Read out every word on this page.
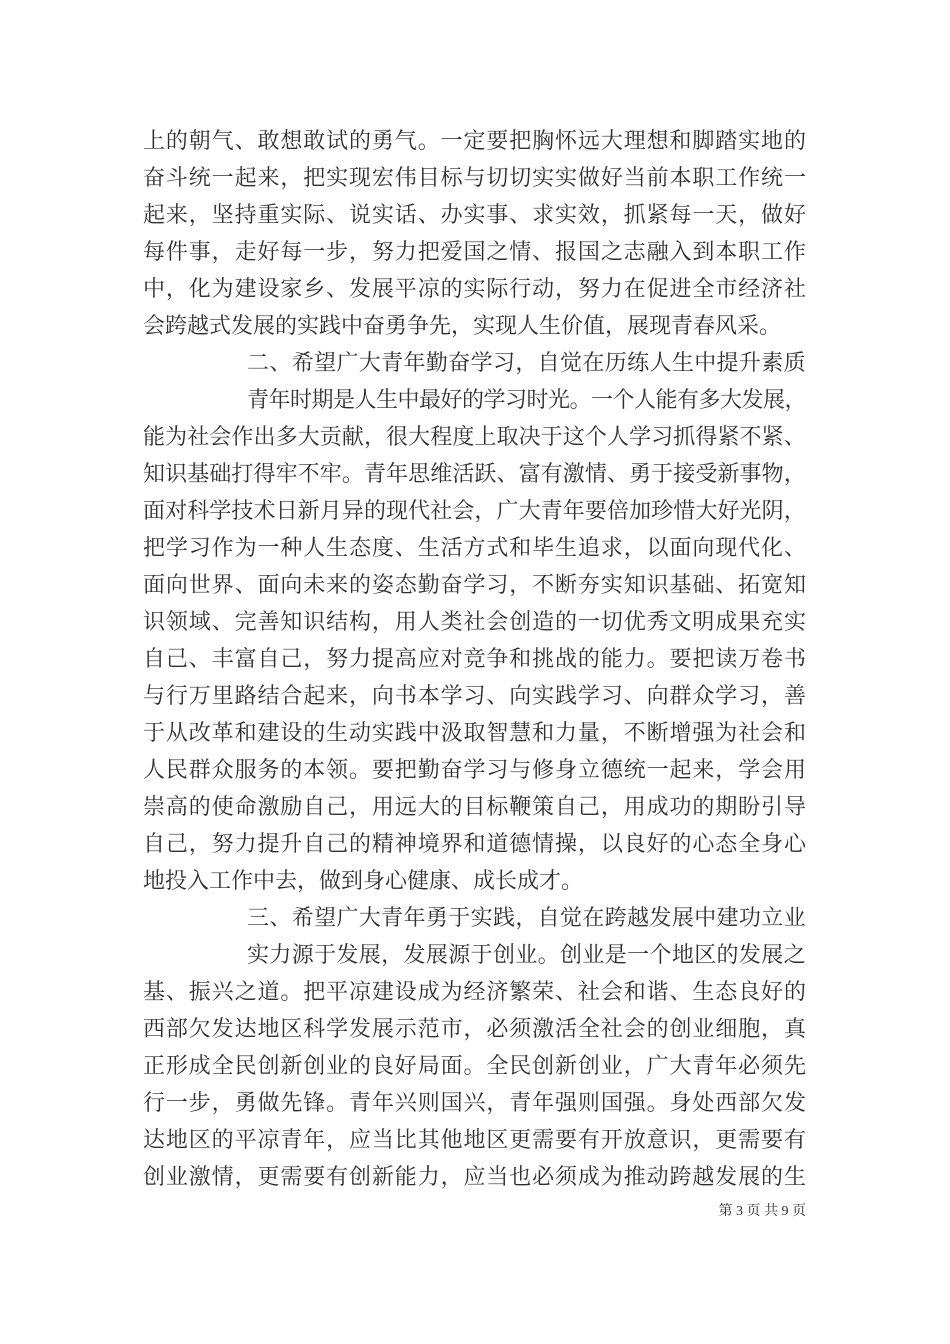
上 的 朝 气 、 敢 想 敢 试 的 勇 气 。 一 定 要 把 胸 怀 远 大 理 想 和 脚 踏 实 地 的
奋 斗 统 一 起 来 ， 把 实 现 宏 伟 目 标 与 切 切 实 实 做 好 当 前 本 职 工 作 统 一
起 来 ， 坚 持 重 实 际 、 说 实 话 、 办 实 事 、 求 实 效 ， 抓 紧 每 一 天 ， 做 好
每 件 事 ， 走 好 每 一 步 ， 努 力 把 爱 国 之 情 、 报 国 之 志 融 入 到 本 职 工 作
中 ， 化 为 建 设 家 乡 、 发 展 平 凉 的 实 际 行 动 ， 努 力 在 促 进 全 市 经 济 社
会跨越式发展的实践中奋勇争先，实现人生价值，展现青春风采。
二 、 希 望 广 大 青 年 勤 奋 学 习 ， 自 觉 在 历 练 人 生 中 提 升 素 质
青 年 时 期 是 人 生 中 最 好 的 学 习 时 光 。 一 个 人 能 有 多 大 发 展 ，
能 为 社 会 作 出 多 大 贡 献 ， 很 大 程 度 上 取 决 于 这 个 人 学 习 抓 得 紧 不 紧 、
知 识 基 础 打 得 牢 不 牢 。 青 年 思 维 活 跃 、 富 有 激 情 、 勇 于 接 受 新 事 物 ，
面 对 科 学 技 术 日 新 月 异 的 现 代 社 会 ， 广 大 青 年 要 倍 加 珍 惜 大 好 光 阴 ，
把 学 习 作 为 一 种 人 生 态 度 、 生 活 方 式 和 毕 生 追 求 ， 以 面 向 现 代 化 、
面 向 世 界 、 面 向 未 来 的 姿 态 勤 奋 学 习 ， 不 断 夯 实 知 识 基 础 、 拓 宽 知
识 领 域 、 完 善 知 识 结 构 ， 用 人 类 社 会 创 造 的 一 切 优 秀 文 明 成 果 充 实
自 己 、 丰 富 自 己 ， 努 力 提 高 应 对 竞 争 和 挑 战 的 能 力 。 要 把 读 万 卷 书
与 行 万 里 路 结 合 起 来 ， 向 书 本 学 习 、 向 实 践 学 习 、 向 群 众 学 习 ， 善
于 从 改 革 和 建 设 的 生 动 实 践 中 汲 取 智 慧 和 力 量 ， 不 断 增 强 为 社 会 和
人 民 群 众 服 务 的 本 领 。 要 把 勤 奋 学 习 与 修 身 立 德 统 一 起 来 ， 学 会 用
崇 高 的 使 命 激 励 自 己 ， 用 远 大 的 目 标 鞭 策 自 己 ， 用 成 功 的 期 盼 引 导
自 己 ， 努 力 提 升 自 己 的 精 神 境 界 和 道 德 情 操 ， 以 良 好 的 心 态 全 身 心
地投入工作中去，做到身心健康、成长成才。
三 、 希 望 广 大 青 年 勇 于 实 践 ， 自 觉 在 跨 越 发 展 中 建 功 立 业
实 力 源 于 发 展 ， 发 展 源 于 创 业 。 创 业 是 一 个 地 区 的 发 展 之
基 、 振 兴 之 道 。 把 平 凉 建 设 成 为 经 济 繁 荣 、 社 会 和 谐 、 生 态 良 好 的
西 部 欠 发 达 地 区 科 学 发 展 示 范 市 ， 必 须 激 活 全 社 会 的 创 业 细 胞 ， 真
正 形 成 全 民 创 新 创 业 的 良 好 局 面 。 全 民 创 新 创 业 ， 广 大 青 年 必 须 先
行 一 步 ， 勇 做 先 锋 。 青 年 兴 则 国 兴 ， 青 年 强 则 国 强 。 身 处 西 部 欠 发
达 地 区 的 平 凉 青 年 ， 应 当 比 其 他 地 区 更 需 要 有 开 放 意 识 ， 更 需 要 有
创 业 激 情 ， 更 需 要 有 创 新 能 力 ， 应 当 也 必 须 成 为 推 动 跨 越 发 展 的 生
第 3 页 共 9 页
